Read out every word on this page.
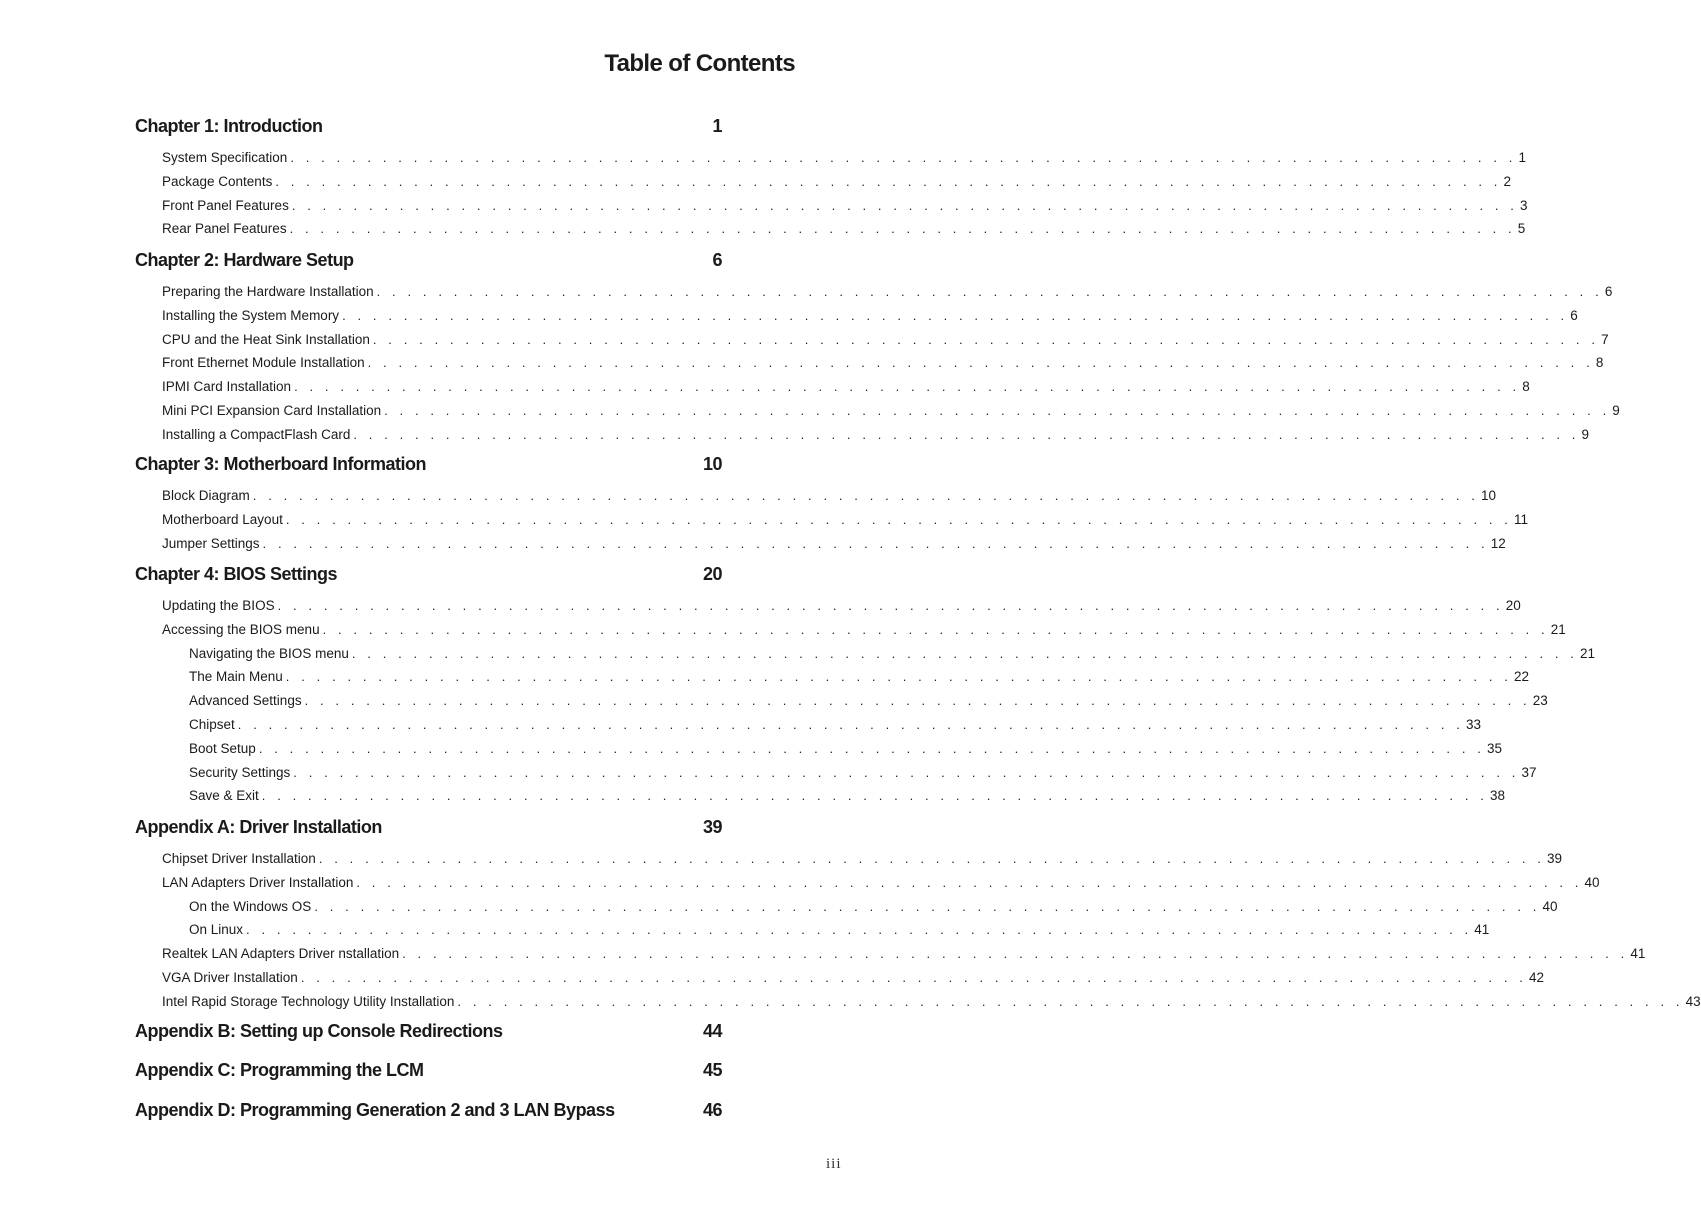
Table of Contents
Chapter 1: Introduction	1
System Specification . . . . . . . . . . . . . . . . . . . . . . . . . . . . . . . . . . . . . . . . . . . . . . . . . . . . . . . . . . . . . . . . . . . . . . . . . . . . . . . . 1
Package Contents . . . . . . . . . . . . . . . . . . . . . . . . . . . . . . . . . . . . . . . . . . . . . . . . . . . . . . . . . . . . . . . . . . . . . . . . . . . . . . . . 2
Front Panel Features . . . . . . . . . . . . . . . . . . . . . . . . . . . . . . . . . . . . . . . . . . . . . . . . . . . . . . . . . . . . . . . . . . . . . . . . . . . . . . . . 3
Rear Panel Features . . . . . . . . . . . . . . . . . . . . . . . . . . . . . . . . . . . . . . . . . . . . . . . . . . . . . . . . . . . . . . . . . . . . . . . . . . . . . . . . 5
Chapter 2: Hardware Setup	6
Preparing the Hardware Installation . . . . . . . . . . . . . . . . . . . . . . . . . . . . . . . . . . . . . . . . . . . . . . . . . . . . . . . . . . . . . . . . . . . . . . . . . . . . . . . . 6
Installing the System Memory . . . . . . . . . . . . . . . . . . . . . . . . . . . . . . . . . . . . . . . . . . . . . . . . . . . . . . . . . . . . . . . . . . . . . . . . . . . . . . . . 6
CPU and the Heat Sink Installation . . . . . . . . . . . . . . . . . . . . . . . . . . . . . . . . . . . . . . . . . . . . . . . . . . . . . . . . . . . . . . . . . . . . . . . . . . . . . . . . 7
Front Ethernet Module Installation . . . . . . . . . . . . . . . . . . . . . . . . . . . . . . . . . . . . . . . . . . . . . . . . . . . . . . . . . . . . . . . . . . . . . . . . . . . . . . . . 8
IPMI Card Installation . . . . . . . . . . . . . . . . . . . . . . . . . . . . . . . . . . . . . . . . . . . . . . . . . . . . . . . . . . . . . . . . . . . . . . . . . . . . . . . . 8
Mini PCI Expansion Card Installation . . . . . . . . . . . . . . . . . . . . . . . . . . . . . . . . . . . . . . . . . . . . . . . . . . . . . . . . . . . . . . . . . . . . . . . . . . . . . . . . 9
Installing a CompactFlash Card . . . . . . . . . . . . . . . . . . . . . . . . . . . . . . . . . . . . . . . . . . . . . . . . . . . . . . . . . . . . . . . . . . . . . . . . . . . . . . . . 9
Chapter 3: Motherboard Information	10
Block Diagram . . . . . . . . . . . . . . . . . . . . . . . . . . . . . . . . . . . . . . . . . . . . . . . . . . . . . . . . . . . . . . . . . . . . . . . . . . . . . . . . 10
Motherboard Layout . . . . . . . . . . . . . . . . . . . . . . . . . . . . . . . . . . . . . . . . . . . . . . . . . . . . . . . . . . . . . . . . . . . . . . . . . . . . . . . . 11
Jumper Settings . . . . . . . . . . . . . . . . . . . . . . . . . . . . . . . . . . . . . . . . . . . . . . . . . . . . . . . . . . . . . . . . . . . . . . . . . . . . . . . . 12
Chapter 4: BIOS Settings	20
Updating the BIOS . . . . . . . . . . . . . . . . . . . . . . . . . . . . . . . . . . . . . . . . . . . . . . . . . . . . . . . . . . . . . . . . . . . . . . . . . . . . . . . . 20
Accessing the BIOS menu . . . . . . . . . . . . . . . . . . . . . . . . . . . . . . . . . . . . . . . . . . . . . . . . . . . . . . . . . . . . . . . . . . . . . . . . . . . . . . . . 21
Navigating the BIOS menu . . . . . . . . . . . . . . . . . . . . . . . . . . . . . . . . . . . . . . . . . . . . . . . . . . . . . . . . . . . . . . . . . . . . . . . . . . . . . . . . 21
The Main Menu . . . . . . . . . . . . . . . . . . . . . . . . . . . . . . . . . . . . . . . . . . . . . . . . . . . . . . . . . . . . . . . . . . . . . . . . . . . . . . . . 22
Advanced Settings . . . . . . . . . . . . . . . . . . . . . . . . . . . . . . . . . . . . . . . . . . . . . . . . . . . . . . . . . . . . . . . . . . . . . . . . . . . . . . . . 23
Chipset . . . . . . . . . . . . . . . . . . . . . . . . . . . . . . . . . . . . . . . . . . . . . . . . . . . . . . . . . . . . . . . . . . . . . . . . . . . . . . . . 33
Boot Setup . . . . . . . . . . . . . . . . . . . . . . . . . . . . . . . . . . . . . . . . . . . . . . . . . . . . . . . . . . . . . . . . . . . . . . . . . . . . . . . . 35
Security Settings . . . . . . . . . . . . . . . . . . . . . . . . . . . . . . . . . . . . . . . . . . . . . . . . . . . . . . . . . . . . . . . . . . . . . . . . . . . . . . . . 37
Save & Exit . . . . . . . . . . . . . . . . . . . . . . . . . . . . . . . . . . . . . . . . . . . . . . . . . . . . . . . . . . . . . . . . . . . . . . . . . . . . . . . . 38
Appendix A: Driver Installation	39
Chipset Driver Installation . . . . . . . . . . . . . . . . . . . . . . . . . . . . . . . . . . . . . . . . . . . . . . . . . . . . . . . . . . . . . . . . . . . . . . . . . . . . . . . . 39
LAN Adapters Driver Installation . . . . . . . . . . . . . . . . . . . . . . . . . . . . . . . . . . . . . . . . . . . . . . . . . . . . . . . . . . . . . . . . . . . . . . . . . . . . . . . . 40
On the Windows OS . . . . . . . . . . . . . . . . . . . . . . . . . . . . . . . . . . . . . . . . . . . . . . . . . . . . . . . . . . . . . . . . . . . . . . . . . . . . . . . . 40
On Linux . . . . . . . . . . . . . . . . . . . . . . . . . . . . . . . . . . . . . . . . . . . . . . . . . . . . . . . . . . . . . . . . . . . . . . . . . . . . . . . . 41
Realtek LAN Adapters Driver nstallation . . . . . . . . . . . . . . . . . . . . . . . . . . . . . . . . . . . . . . . . . . . . . . . . . . . . . . . . . . . . . . . . . . . . . . . . . . . . . . . . 41
VGA Driver Installation . . . . . . . . . . . . . . . . . . . . . . . . . . . . . . . . . . . . . . . . . . . . . . . . . . . . . . . . . . . . . . . . . . . . . . . . . . . . . . . . 42
Intel Rapid Storage Technology Utility Installation . . . . . . . . . . . . . . . . . . . . . . . . . . . . . . . . . . . . . . . . . . . . . . . . . . . . . . . . . . . . . . . . . . . . . . . . . . . . . . . . 43
Appendix B: Setting up Console Redirections	44
Appendix C: Programming the LCM	45
Appendix D: Programming Generation 2 and 3 LAN Bypass	46
iii
